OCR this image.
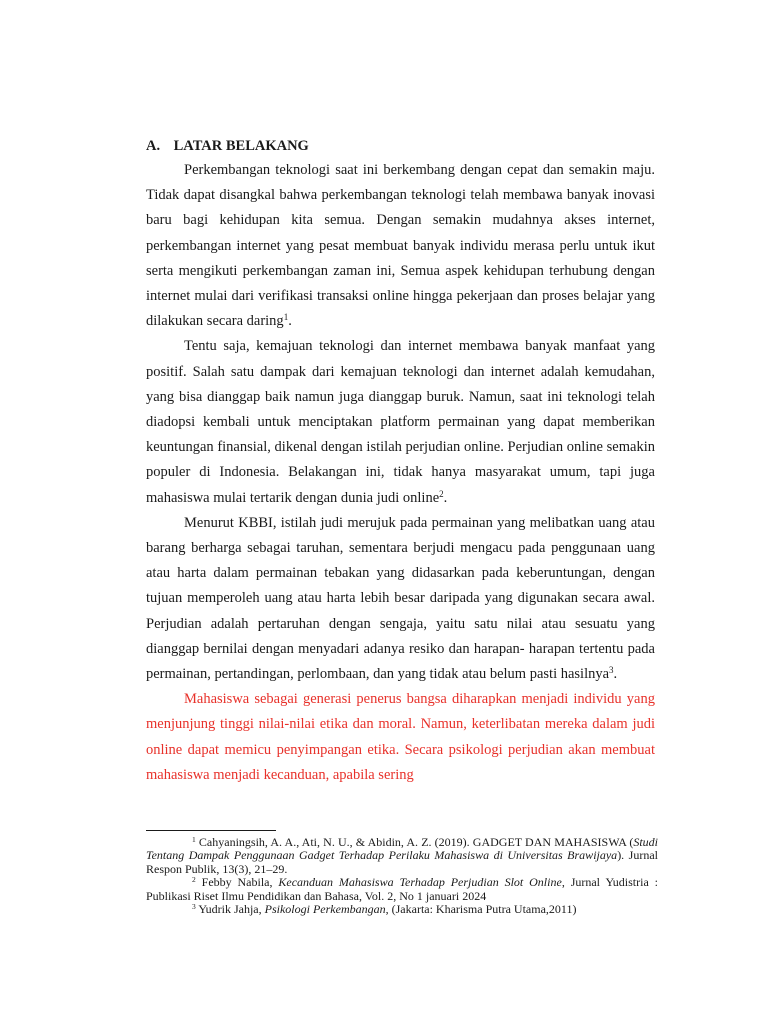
A. LATAR BELAKANG

Perkembangan teknologi saat ini berkembang dengan cepat dan semakin maju. Tidak dapat disangkal bahwa perkembangan teknologi telah membawa banyak inovasi baru bagi kehidupan kita semua. Dengan semakin mudahnya akses internet, perkembangan internet yang pesat membuat banyak individu merasa perlu untuk ikut serta mengikuti perkembangan zaman ini, Semua aspek kehidupan terhubung dengan internet mulai dari verifikasi transaksi online hingga pekerjaan dan proses belajar yang dilakukan secara daring$^1$.

Tentu saja, kemajuan teknologi dan internet membawa banyak manfaat yang positif. Salah satu dampak dari kemajuan teknologi dan internet adalah kemudahan, yang bisa dianggap baik namun juga dianggap buruk. Namun, saat ini teknologi telah diadopsi kembali untuk menciptakan platform permainan yang dapat memberikan keuntungan finansial, dikenal dengan istilah perjudian online. Perjudian online semakin populer di Indonesia. Belakangan ini, tidak hanya masyarakat umum, tapi juga mahasiswa mulai tertarik dengan dunia judi online$^2$.

Menurut KBBI, istilah judi merujuk pada permainan yang melibatkan uang atau barang berharga sebagai taruhan, sementara berjudi mengacu pada penggunaan uang atau harta dalam permainan tebakan yang didasarkan pada keberuntungan, dengan tujuan memperoleh uang atau harta lebih besar daripada yang digunakan secara awal. Perjudian adalah pertaruhan dengan sengaja, yaitu satu nilai atau sesuatu yang dianggap bernilai dengan menyadari adanya resiko dan harapan- harapan tertentu pada permainan, pertandingan, perlombaan, dan yang tidak atau belum pasti hasilnya$^3$.

Mahasiswa sebagai generasi penerus bangsa diharapkan menjadi individu yang menjunjung tinggi nilai-nilai etika dan moral. Namun, keterlibatan mereka dalam judi online dapat memicu penyimpangan etika. Secara psikologi perjudian akan membuat mahasiswa menjadi kecanduan, apabila sering

$^1$ Cahyaningsih, A. A., Ati, N. U., & Abidin, A. Z. (2019). GADGET DAN MAHASISWA (Studi Tentang Dampak Penggunaan Gadget Terhadap Perilaku Mahasiswa di Universitas Brawijaya). Jurnal Respon Publik, 13(3), 21–29.

$^2$ Febby Nabila, Kecanduan Mahasiswa Terhadap Perjudian Slot Online, Jurnal Yudistria : Publikasi Riset Ilmu Pendidikan dan Bahasa, Vol. 2, No 1 januari 2024

$^3$ Yudrik Jahja, Psikologi Perkembangan, (Jakarta: Kharisma Putra Utama,2011)
